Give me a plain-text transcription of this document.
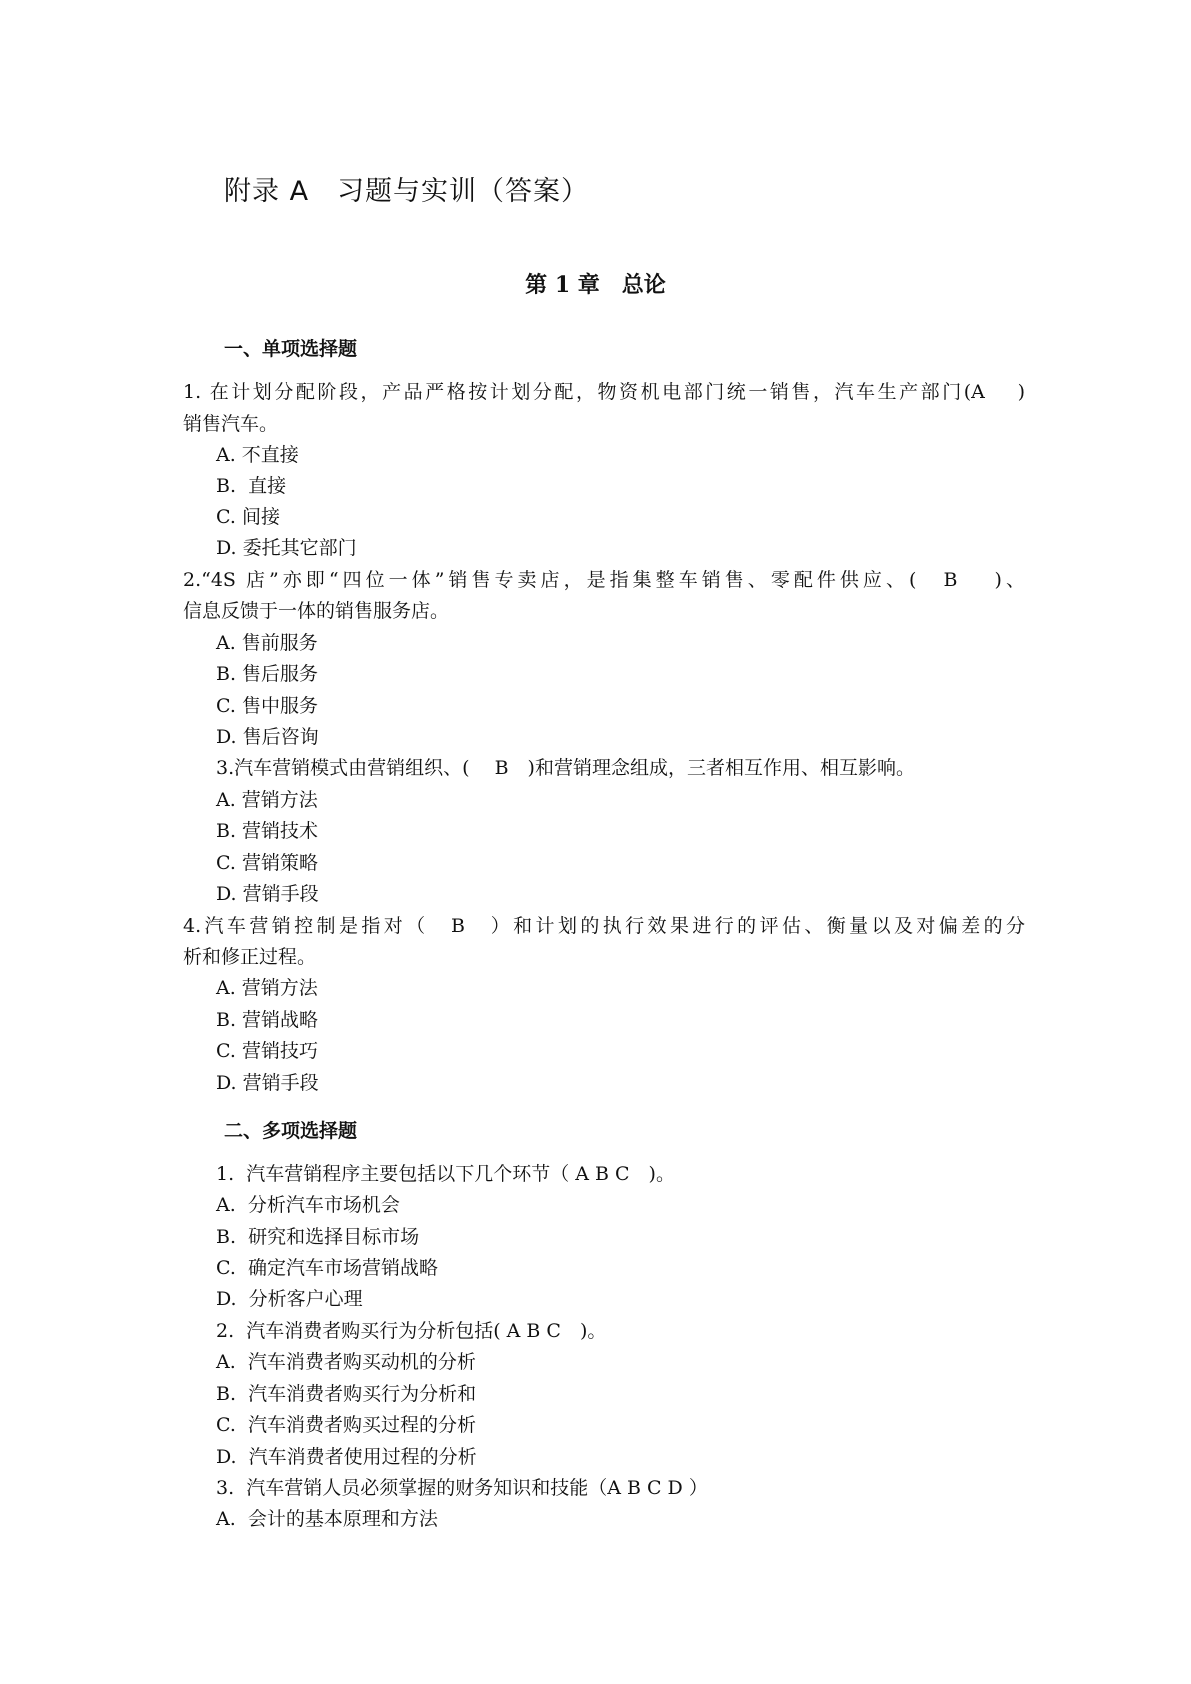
附录 A　习题与实训（答案）
第 1 章　总论
一、单项选择题

1. 在计划分配阶段，产品严格按计划分配，物资机电部门统一销售，汽车生产部门(A　 )

销售汽车。

A. 不直接

B.  直接

C. 间接

D. 委托其它部门

2.“4S 店”亦即“四位一体”销售专卖店，是指集整车销售、零配件供应、(　B　 )、

信息反馈于一体的销售服务店。

A. 售前服务

B. 售后服务

C. 售中服务

D. 售后咨询

3.汽车营销模式由营销组织、(　 B　)和营销理念组成，三者相互作用、相互影响。

A. 营销方法

B. 营销技术

C. 营销策略

D. 营销手段

4.汽车营销控制是指对（　B　）和计划的执行效果进行的评估、衡量以及对偏差的分

析和修正过程。

A. 营销方法

B. 营销战略

C. 营销技巧

D. 营销手段

二、多项选择题

1.  汽车营销程序主要包括以下几个环节（ A B C　)。

A.  分析汽车市场机会

B.  研究和选择目标市场

C.  确定汽车市场营销战略

D.  分析客户心理

2.  汽车消费者购买行为分析包括( A B C　)。

A.  汽车消费者购买动机的分析

B.  汽车消费者购买行为分析和

C.  汽车消费者购买过程的分析

D.  汽车消费者使用过程的分析

3.  汽车营销人员必须掌握的财务知识和技能（A B C D ）

A.  会计的基本原理和方法
